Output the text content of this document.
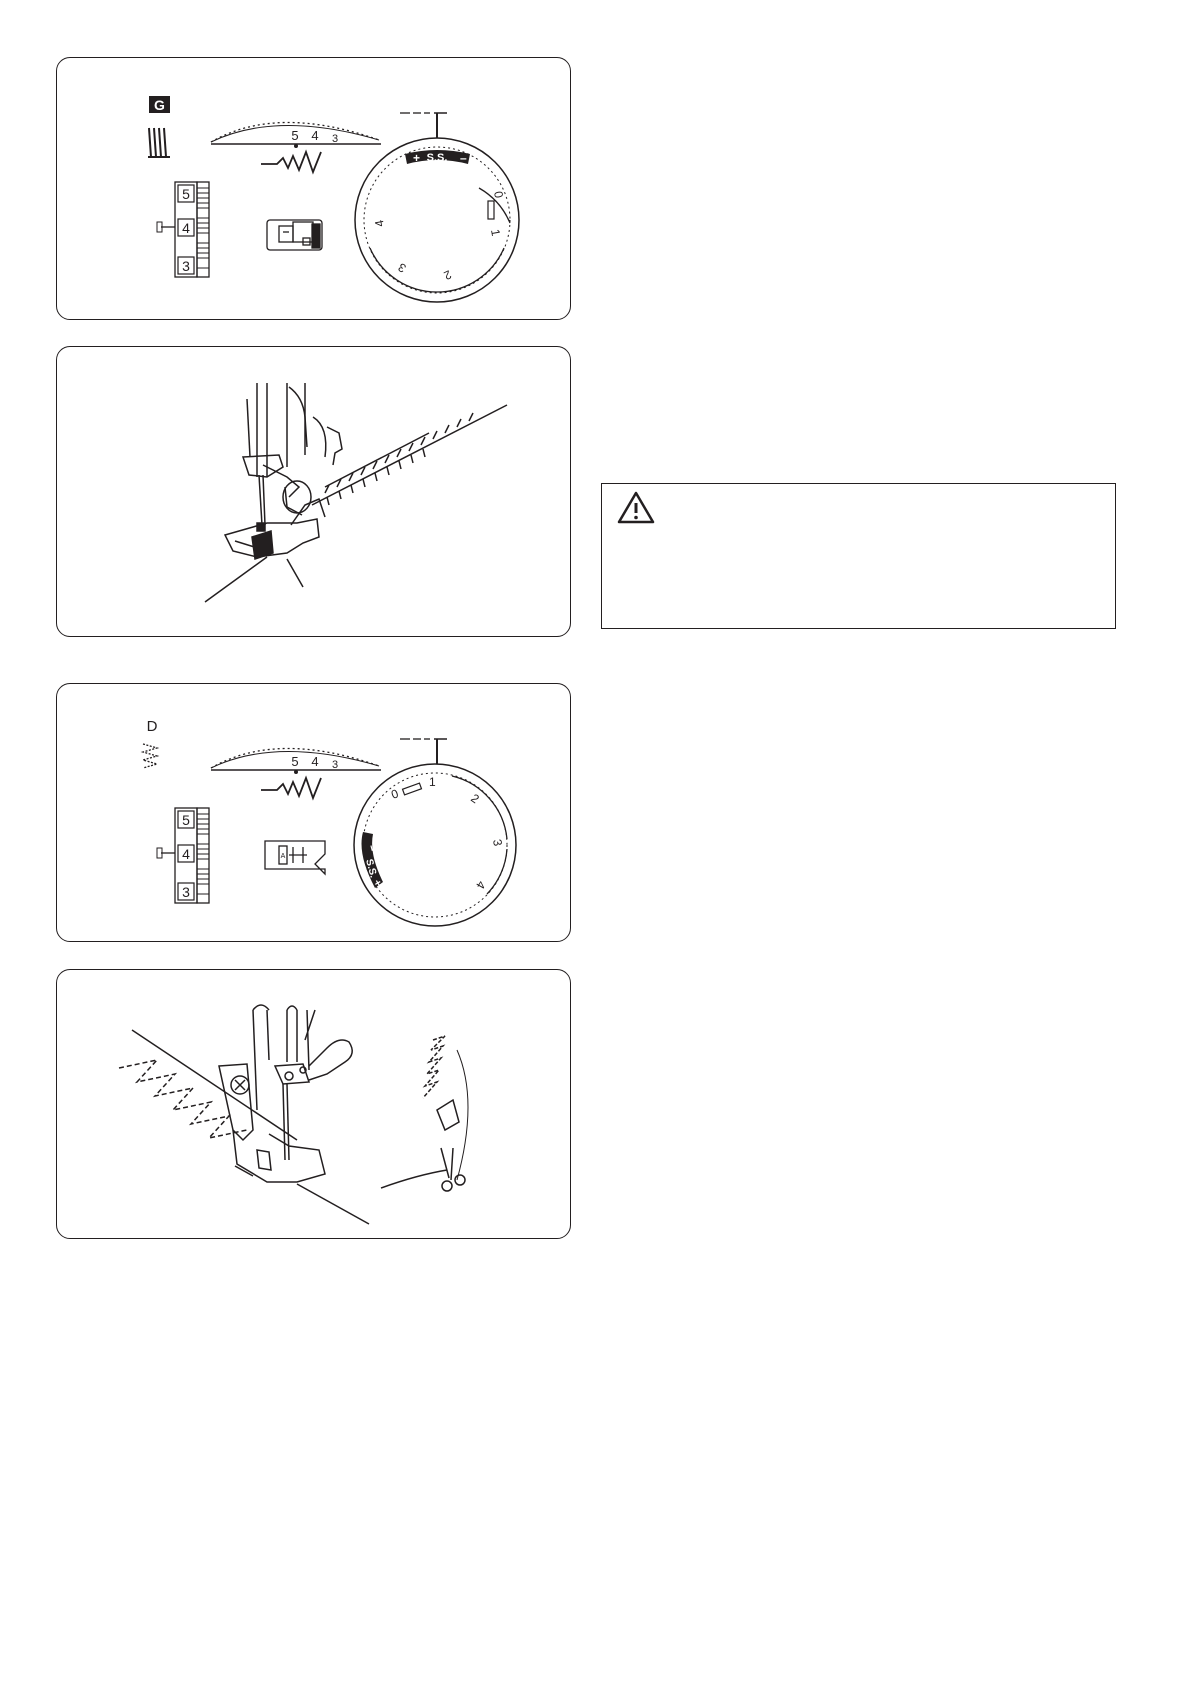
G
5 4 3
5
4
3
+ S.S. –
0
1
2
3
4
D
5 4 3
5
4
3
A
–
S.S.
+
0
1
2
3
4
